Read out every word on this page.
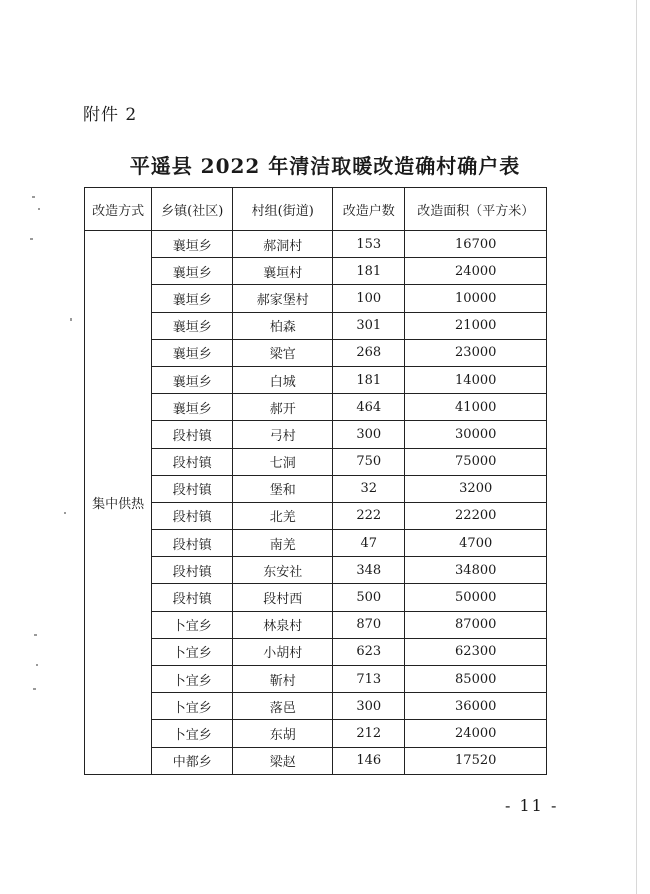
附件 2
平遥县 2022 年清洁取暖改造确村确户表
改造方式	乡镇(社区)	村组(街道)	改造户数	改造面积（平方米）
集中供热	襄垣乡	郝洞村	153	16700
	襄垣乡	襄垣村	181	24000
	襄垣乡	郝家堡村	100	10000
	襄垣乡	柏森	301	21000
	襄垣乡	梁官	268	23000
	襄垣乡	白城	181	14000
	襄垣乡	郝开	464	41000
	段村镇	弓村	300	30000
	段村镇	七洞	750	75000
	段村镇	堡和	32	3200
	段村镇	北羌	222	22200
	段村镇	南羌	47	4700
	段村镇	东安社	348	34800
	段村镇	段村西	500	50000
	卜宜乡	林泉村	870	87000
	卜宜乡	小胡村	623	62300
	卜宜乡	靳村	713	85000
	卜宜乡	落邑	300	36000
	卜宜乡	东胡	212	24000
	中都乡	梁赵	146	17520
- 11 -
